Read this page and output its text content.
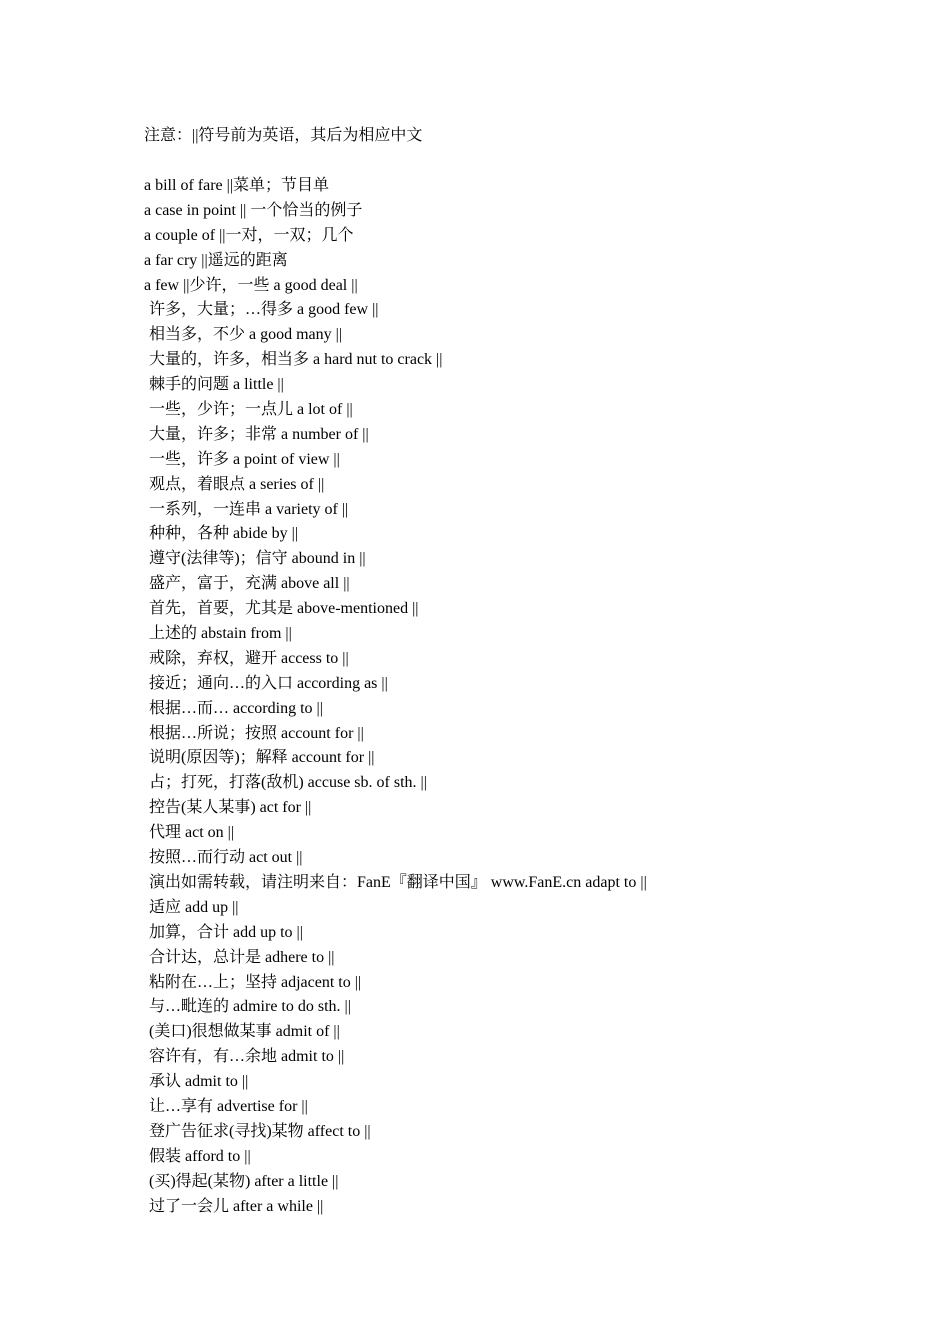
注意：||符号前为英语，其后为相应中文
a bill of fare ||菜单；节目单
a case in point || 一个恰当的例子
a couple of ||一对，一双；几个
a far cry ||遥远的距离
a few ||少许，一些 a good deal ||
许多，大量；…得多 a good few ||
相当多，不少 a good many ||
大量的，许多，相当多 a hard nut to crack ||
棘手的问题 a little ||
一些，少许；一点儿 a lot of ||
大量，许多；非常 a number of ||
一些，许多 a point of view ||
观点，着眼点 a series of ||
一系列，一连串 a variety of ||
种种，各种 abide by ||
遵守(法律等)；信守 abound in ||
盛产，富于，充满 above all ||
首先，首要，尤其是 above-mentioned ||
上述的 abstain from ||
戒除，弃权，避开 access to ||
接近；通向…的入口 according as ||
根据…而… according to ||
根据…所说；按照 account for ||
说明(原因等)；解释 account for ||
占；打死，打落(敌机) accuse sb. of sth. ||
控告(某人某事) act for ||
代理 act on ||
按照…而行动 act out ||
演出如需转载，请注明来自：FanE『翻译中国』 www.FanE.cn adapt to ||
适应 add up ||
加算，合计 add up to ||
合计达，总计是 adhere to ||
粘附在…上；坚持 adjacent to ||
与…毗连的 admire to do sth. ||
(美口)很想做某事 admit of ||
容许有，有…余地 admit to ||
承认 admit to ||
让…享有 advertise for ||
登广告征求(寻找)某物 affect to ||
假装 afford to ||
(买)得起(某物) after a little ||
过了一会儿 after a while ||
